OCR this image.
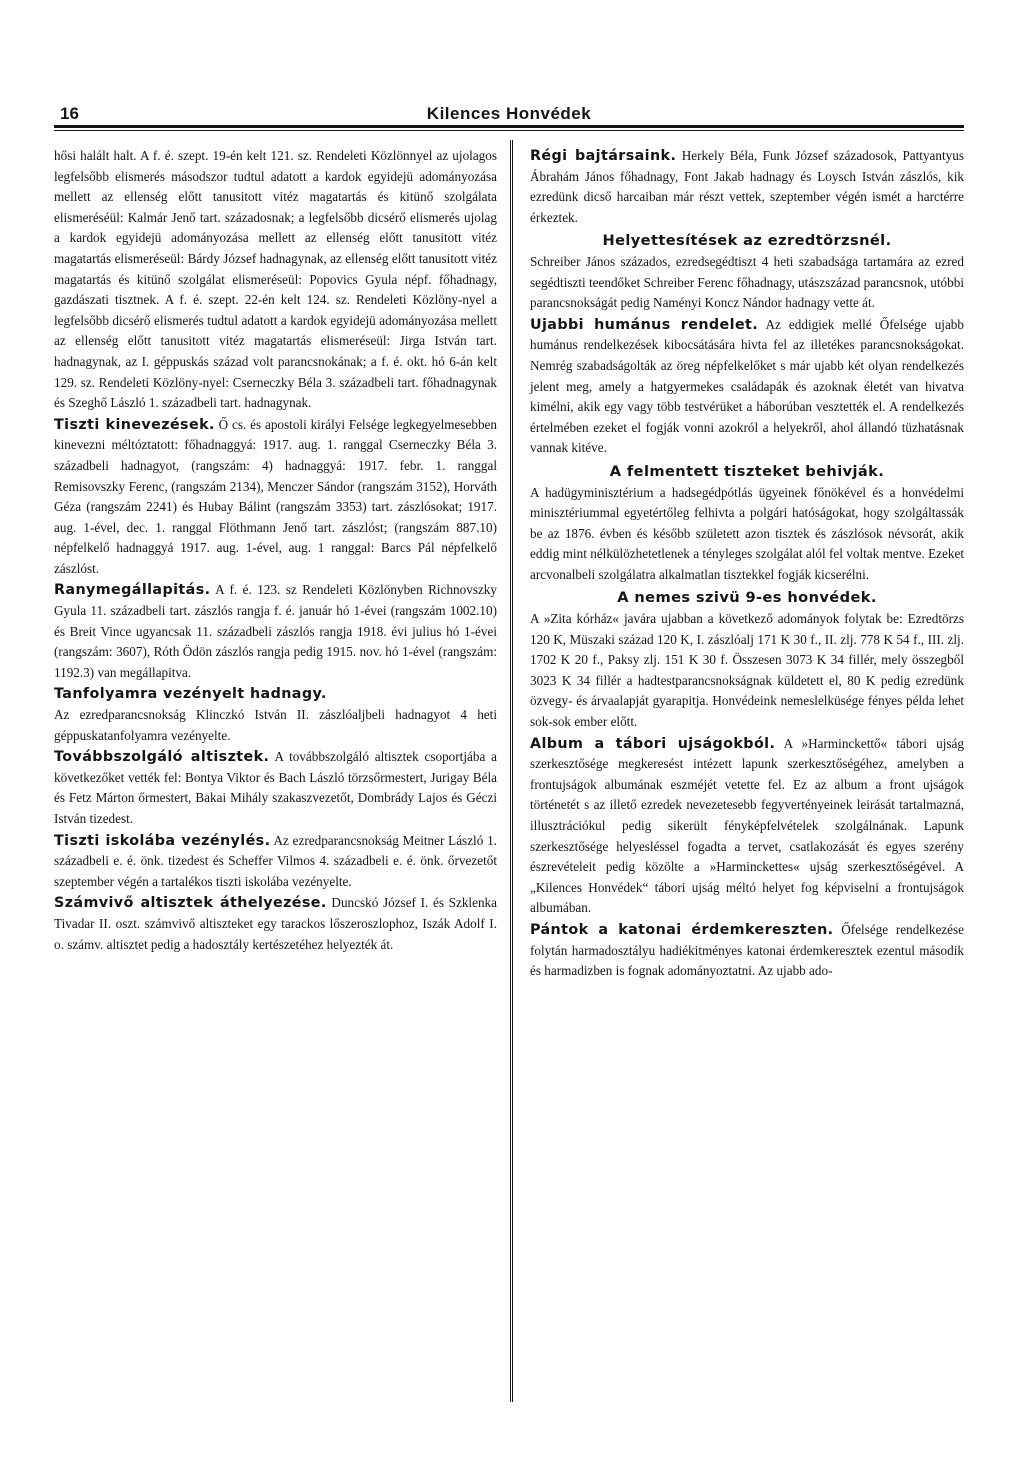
16	Kilences Honvédek

hősi halált halt. A f. é. szept. 19-én kelt 121. sz. Rendeleti Közlönnyel az ujolagos legfelsőbb elismerés másodszor tudtul adatott a kardok egyidejü adományozása mellett az ellenség előtt tanusitott vitéz magatartás és kitünő szolgálata elismeréséül: Kalmár Jenő tart. századosnak; a legfelsőbb dicsérő elismerés ujolag a kardok egyidejü adományozása mellett az ellenség előtt tanusitott vitéz magatartás elismeréseül: Bárdy József hadnagynak, az ellenség előtt tanusitott vitéz magatartás és kitünő szolgálat elismeréseül: Popovics Gyula népf. főhadnagy, gazdászati tisztnek. A f. é. szept. 22-én kelt 124. sz. Rendeleti Közlöny-nyel a legfelsőbb dicsérő elismerés tudtul adatott a kardok egyidejü adományozása mellett az ellenség előtt tanusitott vitéz magatartás elismeréseül: Jirga István tart. hadnagynak, az I. géppuskás század volt parancsnokának; a f. é. okt. hó 6-án kelt 129. sz. Rendeleti Közlöny-nyel: Cserneczky Béla 3. századbeli tart. főhadnagynak és Szeghő László 1. századbeli tart. hadnagynak.

Tiszti kinevezések. Ő cs. és apostoli királyi Felsége legkegyelmesebben kinevezni méltóztatott: főhadnaggyá: 1917. aug. 1. ranggal Cserneczky Béla 3. századbeli hadnagyot, (rangszám: 4) hadnaggyá: 1917. febr. 1. ranggal Remisovszky Ferenc, (rangszám 2134), Menczer Sándor (rangszám 3152), Horváth Géza (rangszám 2241) és Hubay Bálint (rangszám 3353) tart. zászlósokat; 1917. aug. 1-ével, dec. 1. ranggal Flöthmann Jenő tart. zászlóst; (rangszám 887.10) népfelkelő hadnaggyá 1917. aug. 1-ével, aug. 1 ranggal: Barcs Pál népfelkelő zászlóst.

Ranymegállapitás. A f. é. 123. sz Rendeleti Közlönyben Richnovszky Gyula 11. századbeli tart. zászlós rangja f. é. január hó 1-évei (rangszám 1002.10) és Breit Vince ugyancsak 11. századbeli zászlós rangja 1918. évi julius hó 1-évei (rangszám: 3607), Róth Ödön zászlós rangja pedig 1915. nov. hó 1-ével (rangszám: 1192.3) van megállapitva.

Tanfolyamra vezényelt hadnagy.
Az ezredparancsnokság Klinczkó István II. zászlóaljbeli hadnagyot 4 heti géppuskatanfolyamra vezényelte.

Továbbszolgáló altisztek. A továbbszolgáló altisztek csoportjába a következőket vették fel: Bontya Viktor és Bach László törzsőrmestert, Jurigay Béla és Fetz Márton őrmestert, Bakai Mihály szakaszvezetőt, Dombrády Lajos és Géczi István tizedest.

Tiszti iskolába vezénylés. Az ezredparancsnokság Meitner László 1. századbeli e. é. önk. tizedest és Scheffer Vilmos 4. századbeli e. é. önk. őrvezetőt szeptember végén a tartalékos tiszti iskolába vezényelte.

Számvivő altisztek áthelyezése. Duncskó József I. és Szklenka Tivadar II. oszt. számvivő altiszteket egy tarackos lőszeroszlophoz, Iszák Adolf I. o. számv. altisztet pedig a hadosztály kertészetéhez helyezték át.

Régi bajtársaink. Herkely Béla, Funk József századosok, Pattyantyus Ábrahám János főhadnagy, Font Jakab hadnagy és Loysch István zászlós, kik ezredünk dicső harcaiban már részt vettek, szeptember végén ismét a harctérre érkeztek.

Helyettesítések az ezredtörzsnél.

Schreiber János százados, ezredsegédtiszt 4 heti szabadsága tartamára az ezred segédtiszti teendőket Schreiber Ferenc főhadnagy, utászszázad parancsnok, utóbbi parancsnokságát pedig Naményi Koncz Nándor hadnagy vette át.

Ujabbi humánus rendelet. Az eddigiek mellé Őfelsége ujabb humánus rendelkezések kibocsátására hivta fel az illetékes parancsnokságokat. Nemrég szabadságolták az öreg népfelkelőket s már ujabb két olyan rendelkezés jelent meg, amely a hatgyermekes családapák és azoknak életét van hivatva kimélni, akik egy vagy több testvérüket a háborúban vesztették el. A rendelkezés értelmében ezeket el fogják vonni azokról a helyekről, ahol állandó tüzhatásnak vannak kitéve.

A felmentett tiszteket behivják.

A hadügyminisztérium a hadsegédpótlás ügyeinek főnökével és a honvédelmi minisztériummal egyetértőleg felhivta a polgári hatóságokat, hogy szolgáltassák be az 1876. évben és később született azon tisztek és zászlósok névsorát, akik eddig mint nélkülözhetetlenek a tényleges szolgálat alól fel voltak mentve. Ezeket arcvonalbeli szolgálatra alkalmatlan tisztekkel fogják kicserélni.

A nemes szivü 9-es honvédek.

A »Zita kórház« javára ujabban a következő adományok folytak be: Ezredtörzs 120 K, Müszaki század 120 K, I. zászlóalj 171 K 30 f., II. zlj. 778 K 54 f., III. zlj. 1702 K 20 f., Paksy zlj. 151 K 30 f. Összesen 3073 K 34 fillér, mely összegből 3023 K 34 fillér a hadtestparancsnokságnak küldetett el, 80 K pedig ezredünk özvegy- és árvaalapját gyarapitja. Honvédeink nemeslelküsége fényes példa lehet sok-sok ember előtt.

Album a tábori ujságokból. A »Harminckettő« tábori ujság szerkesztősége megkeresést intézett lapunk szerkesztőségéhez, amelyben a frontujságok albumának eszméjét vetette fel. Ez az album a front ujságok történetét s az illető ezredek nevezetesebb fegyvertényeinek leirását tartalmazná, illusztrációkul pedig sikerült fényképfelvételek szolgálnának. Lapunk szerkesztősége helyesléssel fogadta a tervet, csatlakozását és egyes szerény észrevételeit pedig közölte a »Harminckettes« ujság szerkesztőségével. A „Kilences Honvédek“ tábori ujság méltó helyet fog képviselni a frontujságok albumában.

Pántok a katonai érdemkereszten. Őfelsége rendelkezése folytán harmadosztályu hadiékitményes katonai érdemkeresztek ezentul második és harmadizben is fognak adományoztatni. Az ujabb ado-
